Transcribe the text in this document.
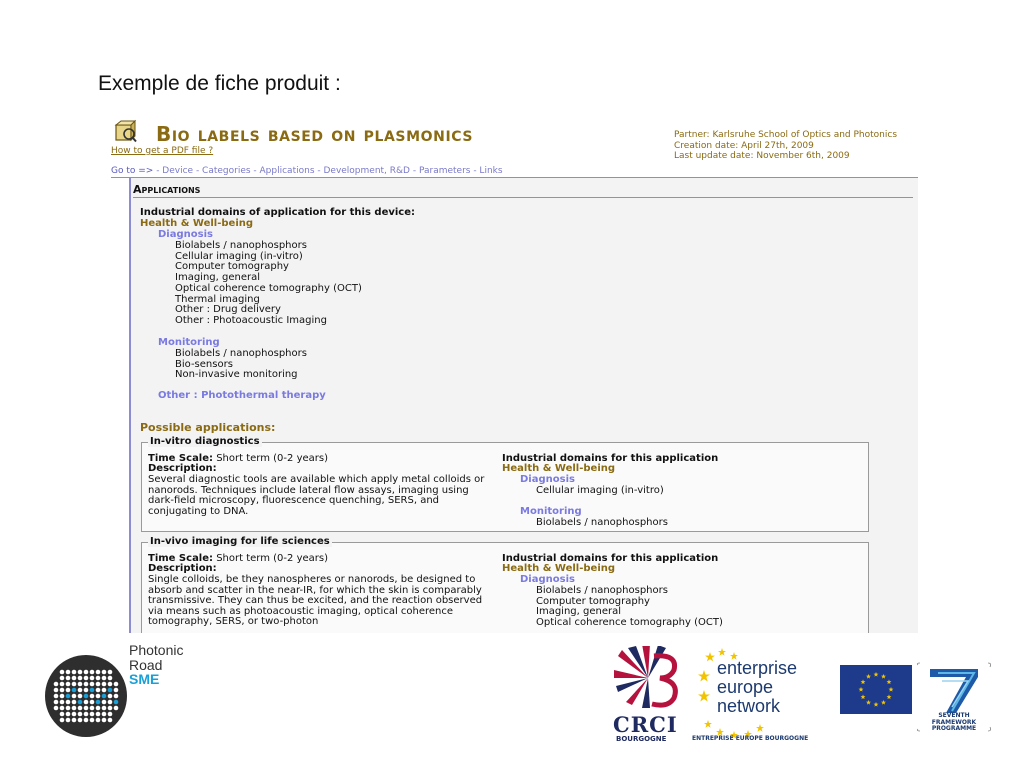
Exemple de fiche produit :
Bio labels based on plasmonics
How to get a PDF file ?
Partner: Karlsruhe School of Optics and Photonics
Creation date: April 27th, 2009
Last update date: November 6th, 2009
Go to => - Device - Categories - Applications - Development, R&D - Parameters - Links
Applications
Industrial domains of application for this device:
Health & Well-being
Diagnosis
Biolabels / nanophosphors
Cellular imaging (in-vitro)
Computer tomography
Imaging, general
Optical coherence tomography (OCT)
Thermal imaging
Other : Drug delivery
Other : Photoacoustic Imaging
Monitoring
Biolabels / nanophosphors
Bio-sensors
Non-invasive monitoring
Other : Photothermal therapy
Possible applications:
In-vitro diagnostics
Time Scale: Short term (0-2 years)
Description:
Several diagnostic tools are available which apply metal colloids or nanorods. Techniques include lateral flow assays, imaging using dark-field microscopy, fluorescence quenching, SERS, and conjugating to DNA.
Industrial domains for this application
Health & Well-being
Diagnosis
Cellular imaging (in-vitro)
Monitoring
Biolabels / nanophosphors
In-vivo imaging for life sciences
Time Scale: Short term (0-2 years)
Description:
Single colloids, be they nanospheres or nanorods, be designed to absorb and scatter in the near-IR, for which the skin is comparably transmissive. They can thus be excited, and the reaction observed via means such as photoacoustic imaging, optical coherence tomography, SERS, or two-photon
Industrial domains for this application
Health & Well-being
Diagnosis
Biolabels / nanophosphors
Computer tomography
Imaging, general
Optical coherence tomography (OCT)
Photonic
Road
SME
CRCI
BOURGOGNE
enterprise
europe
network
ENTREPRISE EUROPE BOURGOGNE
SEVENTH FRAMEWORK PROGRAMME
